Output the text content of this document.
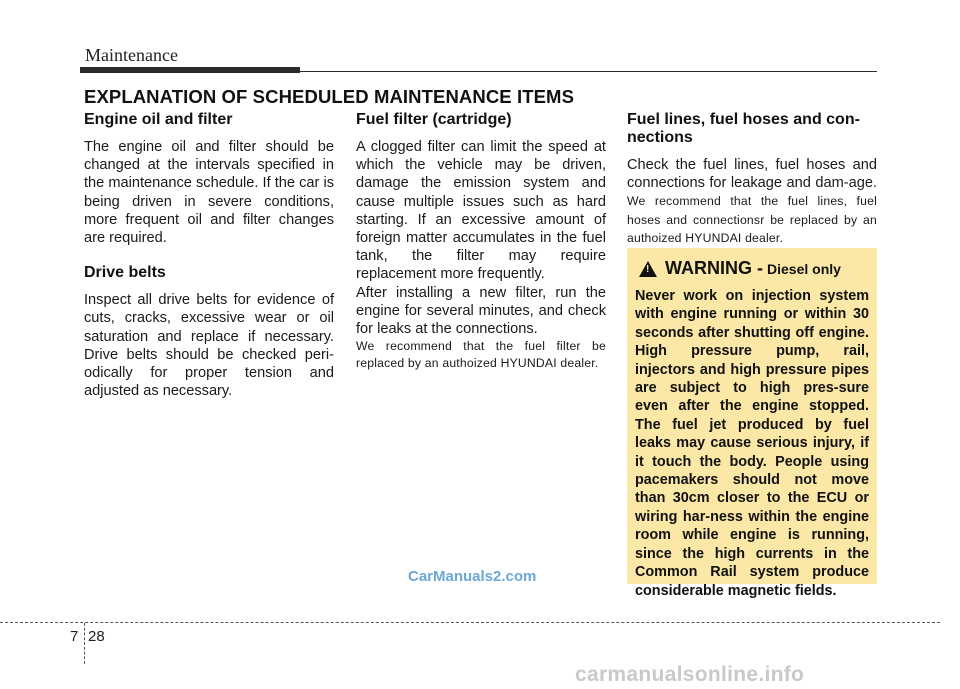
Maintenance
EXPLANATION OF SCHEDULED MAINTENANCE ITEMS
Engine oil and filter

The engine oil and filter should be changed at the intervals specified in the maintenance schedule. If the car is being driven in severe conditions, more frequent oil and filter changes are required.

Drive belts

Inspect all drive belts for evidence of cuts, cracks, excessive wear or oil saturation and replace if necessary. Drive belts should be checked peri-odically for proper tension and adjusted as necessary.

Fuel filter (cartridge)

A clogged filter can limit the speed at which the vehicle may be driven, damage the emission system and cause multiple issues such as hard starting. If an excessive amount of foreign matter accumulates in the fuel tank, the filter may require replacement more frequently.

After installing a new filter, run the engine for several minutes, and check for leaks at the connections.

We recommend that the fuel filter be replaced by an authoized HYUNDAI dealer.

Fuel lines, fuel hoses and con-nections

Check the fuel lines, fuel hoses and connections for leakage and dam-age. We recommend that the fuel lines, fuel hoses and connectionsr be replaced by an authoized HYUNDAI dealer.

! WARNING - Diesel only

Never work on injection system with engine running or within 30 seconds after shutting off engine. High pressure pump, rail, injectors and high pressure pipes are subject to high pres-sure even after the engine stopped. The fuel jet produced by fuel leaks may cause serious injury, if it touch the body. People using pacemakers should not move than 30cm closer to the ECU or wiring har-ness within the engine room while engine is running, since the high currents in the Common Rail system produce considerable magnetic fields.

CarManuals2.com
7 28
carmanualsonline.info
